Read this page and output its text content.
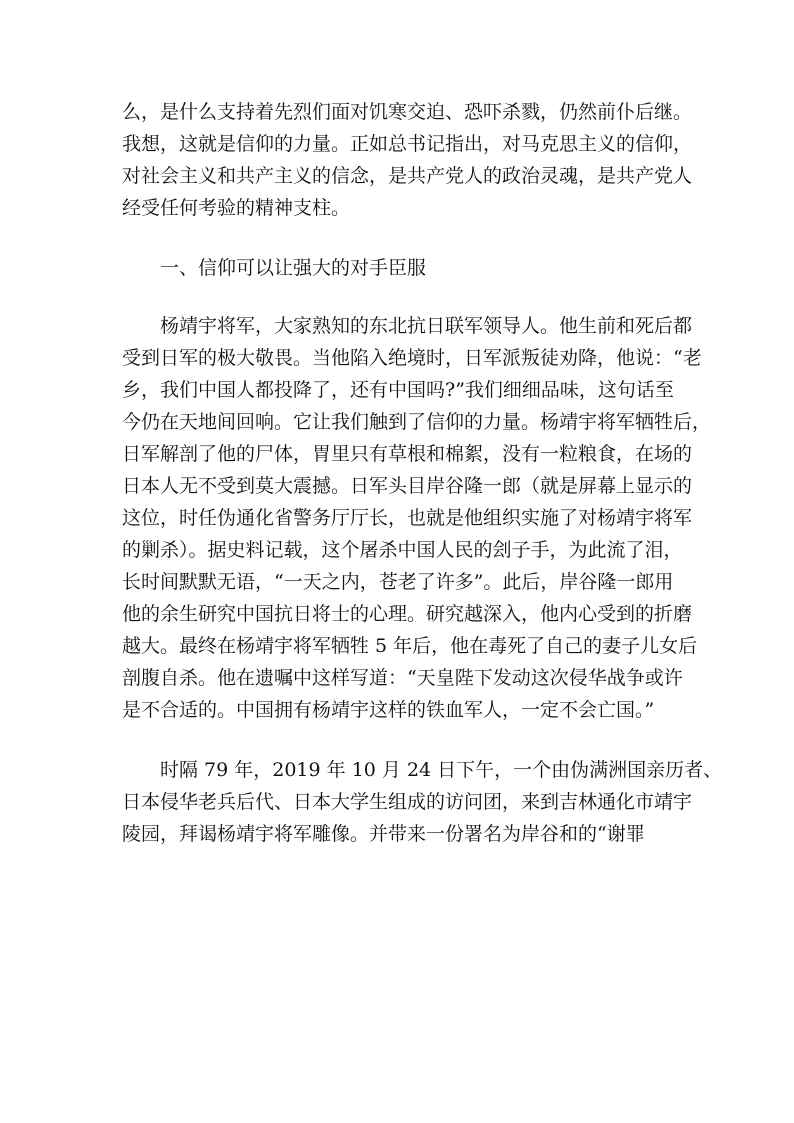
么，是什么支持着先烈们面对饥寒交迫、恐吓杀戮，仍然前仆后继。
我想，这就是信仰的力量。正如总书记指出，对马克思主义的信仰，
对社会主义和共产主义的信念，是共产党人的政治灵魂，是共产党人
经受任何考验的精神支柱。
一、信仰可以让强大的对手臣服
杨靖宇将军，大家熟知的东北抗日联军领导人。他生前和死后都
受到日军的极大敬畏。当他陷入绝境时，日军派叛徒劝降，他说：“老
乡，我们中国人都投降了，还有中国吗?”我们细细品味，这句话至
今仍在天地间回响。它让我们触到了信仰的力量。杨靖宇将军牺牲后，
日军解剖了他的尸体，胃里只有草根和棉絮，没有一粒粮食，在场的
日本人无不受到莫大震撼。日军头目岸谷隆一郎（就是屏幕上显示的
这位，时任伪通化省警务厅厅长，也就是他组织实施了对杨靖宇将军
的剿杀）。据史料记载，这个屠杀中国人民的刽子手，为此流了泪，
长时间默默无语，“一天之内，苍老了许多”。此后，岸谷隆一郎用
他的余生研究中国抗日将士的心理。研究越深入，他内心受到的折磨
越大。最终在杨靖宇将军牺牲 5 年后，他在毒死了自己的妻子儿女后
剖腹自杀。他在遗嘱中这样写道：“天皇陛下发动这次侵华战争或许
是不合适的。中国拥有杨靖宇这样的铁血军人，一定不会亡国。”
时隔 79 年，2019 年 10 月 24 日下午，一个由伪满洲国亲历者、
日本侵华老兵后代、日本大学生组成的访问团，来到吉林通化市靖宇
陵园，拜谒杨靖宇将军雕像。并带来一份署名为岸谷和的“谢罪
